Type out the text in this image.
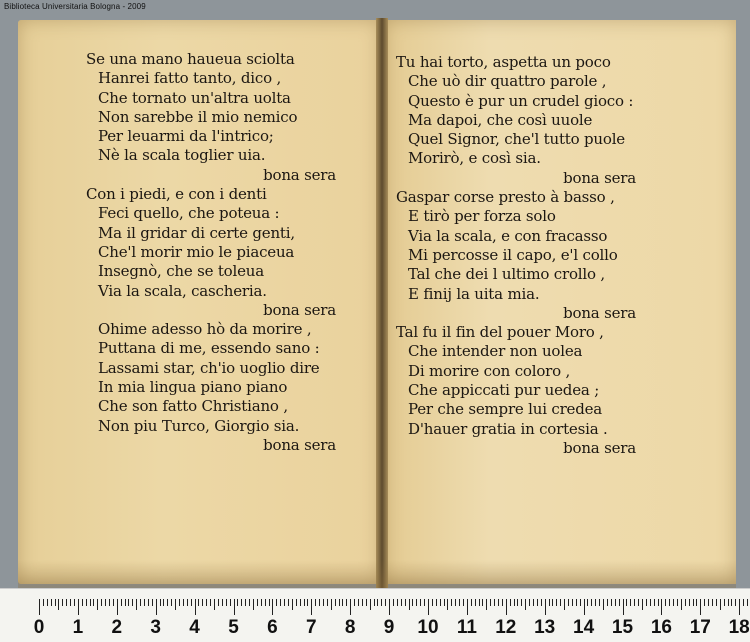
Biblioteca Universitaria Bologna - 2009
Se una mano haueua sciolta
Hanrei fatto tanto, dico ,
Che tornato un'altra uolta
Non sarebbe il mio nemico
Per leuarmi da l'intrico;
Nè la scala toglier uia.
bona sera
Con i piedi, e con i denti
Feci quello, che poteua :
Ma il gridar di certe genti,
Che'l morir mio le piaceua
Insegnò, che se toleua
Via la scala, cascheria.
bona sera
Ohime adesso hò da morire ,
Puttana di me, essendo sano :
Lassami star, ch'io uoglio dire
In mia lingua piano piano
Che son fatto Christiano ,
Non piu Turco, Giorgio sia.
bona sera
Tu hai torto, aspetta un poco
Che uò dir quattro parole ,
Questo è pur un crudel gioco :
Ma dapoi, che così uuole
Quel Signor, che'l tutto puole
Morirò, e così sia.
bona sera
Gaspar corse presto à basso ,
E tirò per forza solo
Via la scala, e con fracasso
Mi percosse il capo, e'l collo
Tal che dei l ultimo crollo ,
E finij la uita mia.
bona sera
Tal fu il fin del pouer Moro ,
Che intender non uolea
Di morire con coloro ,
Che appiccati pur uedea ;
Per che sempre lui credea
D'hauer gratia in cortesia .
bona sera
0 1 2 3 4 5 6 7 8 9 10 11 12 13 14 15 16 17 18
